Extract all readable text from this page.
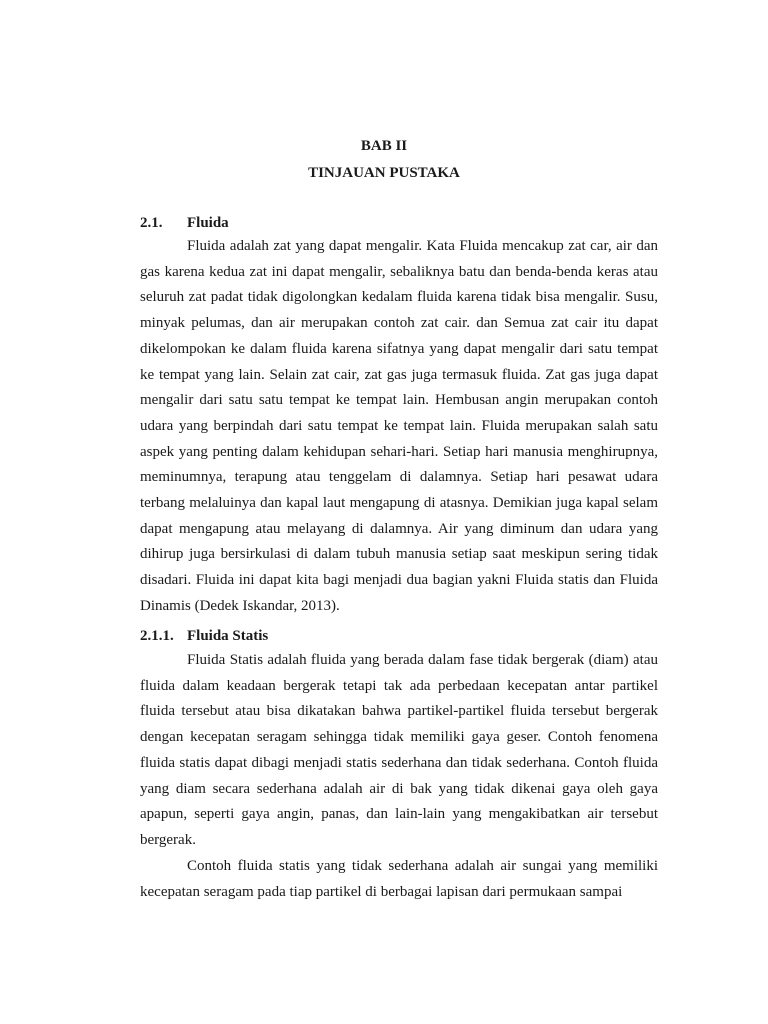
BAB II
TINJAUAN PUSTAKA
2.1. Fluida

Fluida adalah zat yang dapat mengalir. Kata Fluida mencakup zat car, air dan gas karena kedua zat ini dapat mengalir, sebaliknya batu dan benda-benda keras atau seluruh zat padat tidak digolongkan kedalam fluida karena tidak bisa mengalir. Susu, minyak pelumas, dan air merupakan contoh zat cair. dan Semua zat cair itu dapat dikelompokan ke dalam fluida karena sifatnya yang dapat mengalir dari satu tempat ke tempat yang lain. Selain zat cair, zat gas juga termasuk fluida. Zat gas juga dapat mengalir dari satu satu tempat ke tempat lain. Hembusan angin merupakan contoh udara yang berpindah dari satu tempat ke tempat lain. Fluida merupakan salah satu aspek yang penting dalam kehidupan sehari-hari. Setiap hari manusia menghirupnya, meminumnya, terapung atau tenggelam di dalamnya. Setiap hari pesawat udara terbang melaluinya dan kapal laut mengapung di atasnya. Demikian juga kapal selam dapat mengapung atau melayang di dalamnya. Air yang diminum dan udara yang dihirup juga bersirkulasi di dalam tubuh manusia setiap saat meskipun sering tidak disadari. Fluida ini dapat kita bagi menjadi dua bagian yakni Fluida statis dan Fluida Dinamis (Dedek Iskandar, 2013).

2.1.1. Fluida Statis

Fluida Statis adalah fluida yang berada dalam fase tidak bergerak (diam) atau fluida dalam keadaan bergerak tetapi tak ada perbedaan kecepatan antar partikel fluida tersebut atau bisa dikatakan bahwa partikel-partikel fluida tersebut bergerak dengan kecepatan seragam sehingga tidak memiliki gaya geser. Contoh fenomena fluida statis dapat dibagi menjadi statis sederhana dan tidak sederhana. Contoh fluida yang diam secara sederhana adalah air di bak yang tidak dikenai gaya oleh gaya apapun, seperti gaya angin, panas, dan lain-lain yang mengakibatkan air tersebut bergerak.

Contoh fluida statis yang tidak sederhana adalah air sungai yang memiliki kecepatan seragam pada tiap partikel di berbagai lapisan dari permukaan sampai
